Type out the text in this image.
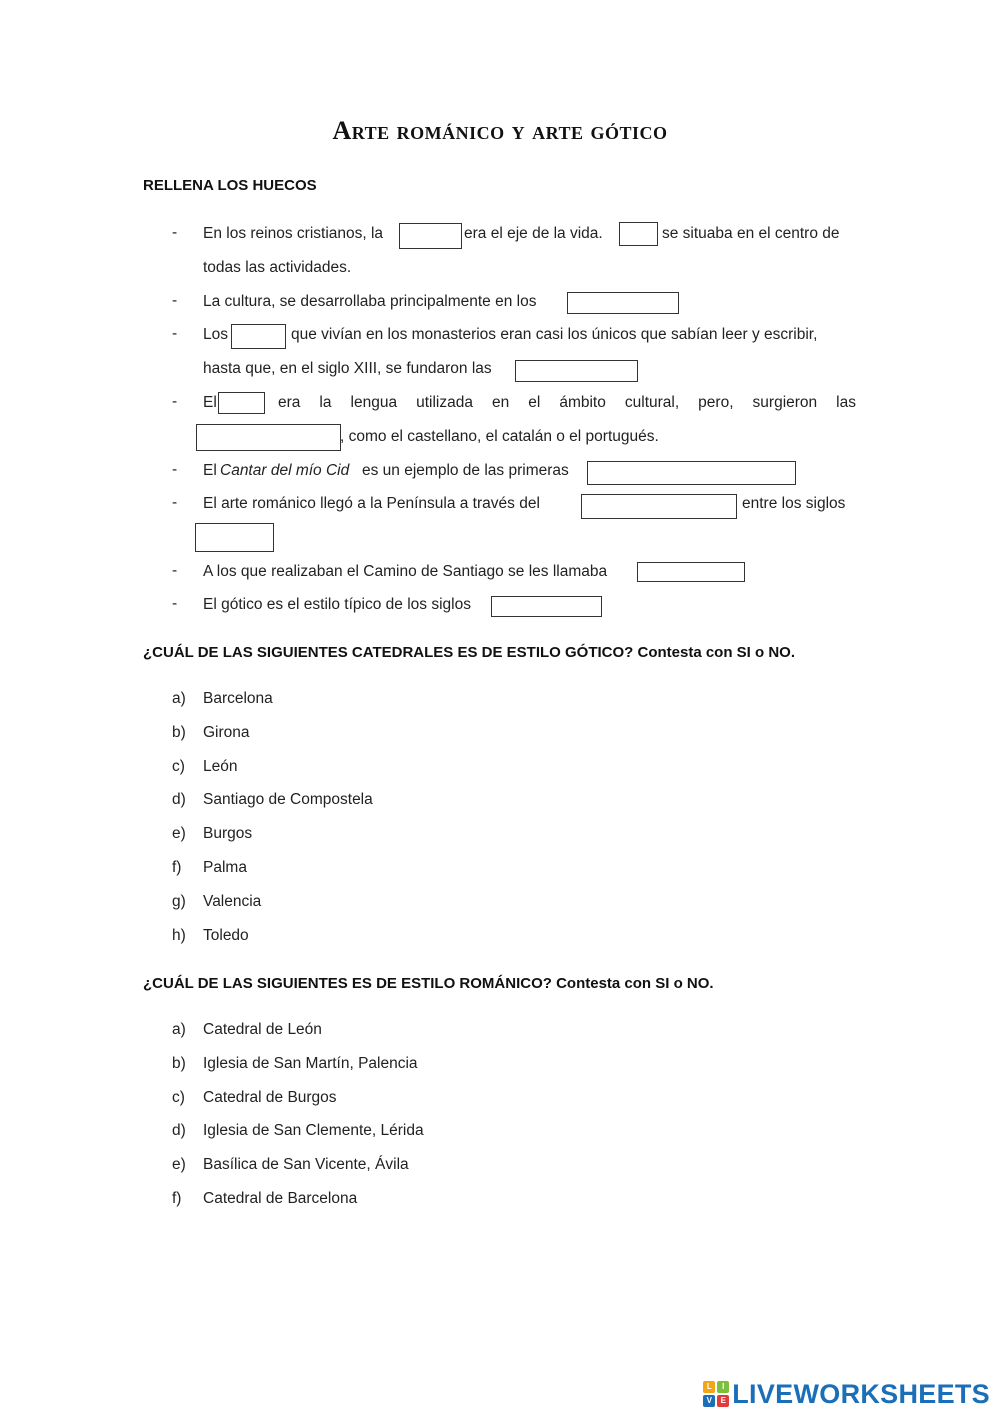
Arte románico y arte gótico
RELLENA LOS HUECOS
- En los reinos cristianos, la	era el eje de la vida.	se situaba en el centro de
todas las actividades.
- La cultura, se desarrollaba principalmente en los
- Los	que vivían en los monasterios eran casi los únicos que sabían leer y escribir,
hasta que, en el siglo XIII, se fundaron las
- El	era la lengua utilizada en el ámbito cultural, pero, surgieron las
, como el castellano, el catalán o el portugués.
- El Cantar del mío Cid es un ejemplo de las primeras
- El arte románico llegó a la Península a través del	entre los siglos
- A los que realizaban el Camino de Santiago se les llamaba
- El gótico es el estilo típico de los siglos
¿CUÁL DE LAS SIGUIENTES CATEDRALES ES DE ESTILO GÓTICO? Contesta con SI o NO.
a) Barcelona
b) Girona
c) León
d) Santiago de Compostela
e) Burgos
f) Palma
g) Valencia
h) Toledo
¿CUÁL DE LAS SIGUIENTES ES DE ESTILO ROMÁNICO? Contesta con SI o NO.
a) Catedral de León
b) Iglesia de San Martín, Palencia
c) Catedral de Burgos
d) Iglesia de San Clemente, Lérida
e) Basílica de San Vicente, Ávila
f) Catedral de Barcelona
L	I
V	E LIVEWORKSHEETS
